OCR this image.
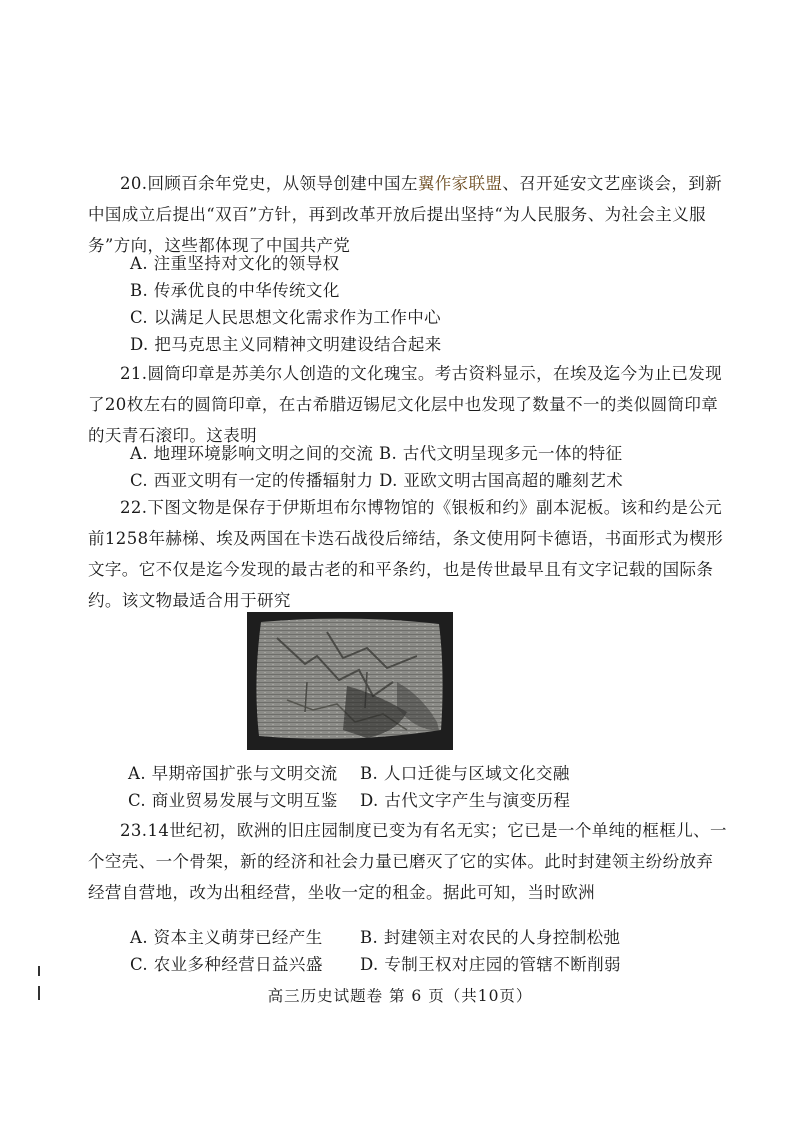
20.回顾百余年党史，从领导创建中国左翼作家联盟、召开延安文艺座谈会，到新中国成立后提出“双百”方针，再到改革开放后提出坚持“为人民服务、为社会主义服务”方向，这些都体现了中国共产党
A. 注重坚持对文化的领导权
B. 传承优良的中华传统文化
C. 以满足人民思想文化需求作为工作中心
D. 把马克思主义同精神文明建设结合起来
21.圆筒印章是苏美尔人创造的文化瑰宝。考古资料显示，在埃及迄今为止已发现了20枚左右的圆筒印章，在古希腊迈锡尼文化层中也发现了数量不一的类似圆筒印章的天青石滚印。这表明
A. 地理环境影响文明之间的交流 B. 古代文明呈现多元一体的特征
C. 西亚文明有一定的传播辐射力 D. 亚欧文明古国高超的雕刻艺术
22.下图文物是保存于伊斯坦布尔博物馆的《银板和约》副本泥板。该和约是公元前1258年赫梯、埃及两国在卡迭石战役后缔结，条文使用阿卡德语，书面形式为楔形文字。它不仅是迄今发现的最古老的和平条约，也是传世最早且有文字记载的国际条约。该文物最适合用于研究
A. 早期帝国扩张与文明交流 B. 人口迁徙与区域文化交融
C. 商业贸易发展与文明互鉴 D. 古代文字产生与演变历程
23.14世纪初，欧洲的旧庄园制度已变为有名无实；它已是一个单纯的框框儿、一个空壳、一个骨架，新的经济和社会力量已磨灭了它的实体。此时封建领主纷纷放弃经营自营地，改为出租经营，坐收一定的租金。据此可知，当时欧洲
A. 资本主义萌芽已经产生 B. 封建领主对农民的人身控制松弛
C. 农业多种经营日益兴盛 D. 专制王权对庄园的管辖不断削弱
高三历史试题卷 第 6 页（共10页）
